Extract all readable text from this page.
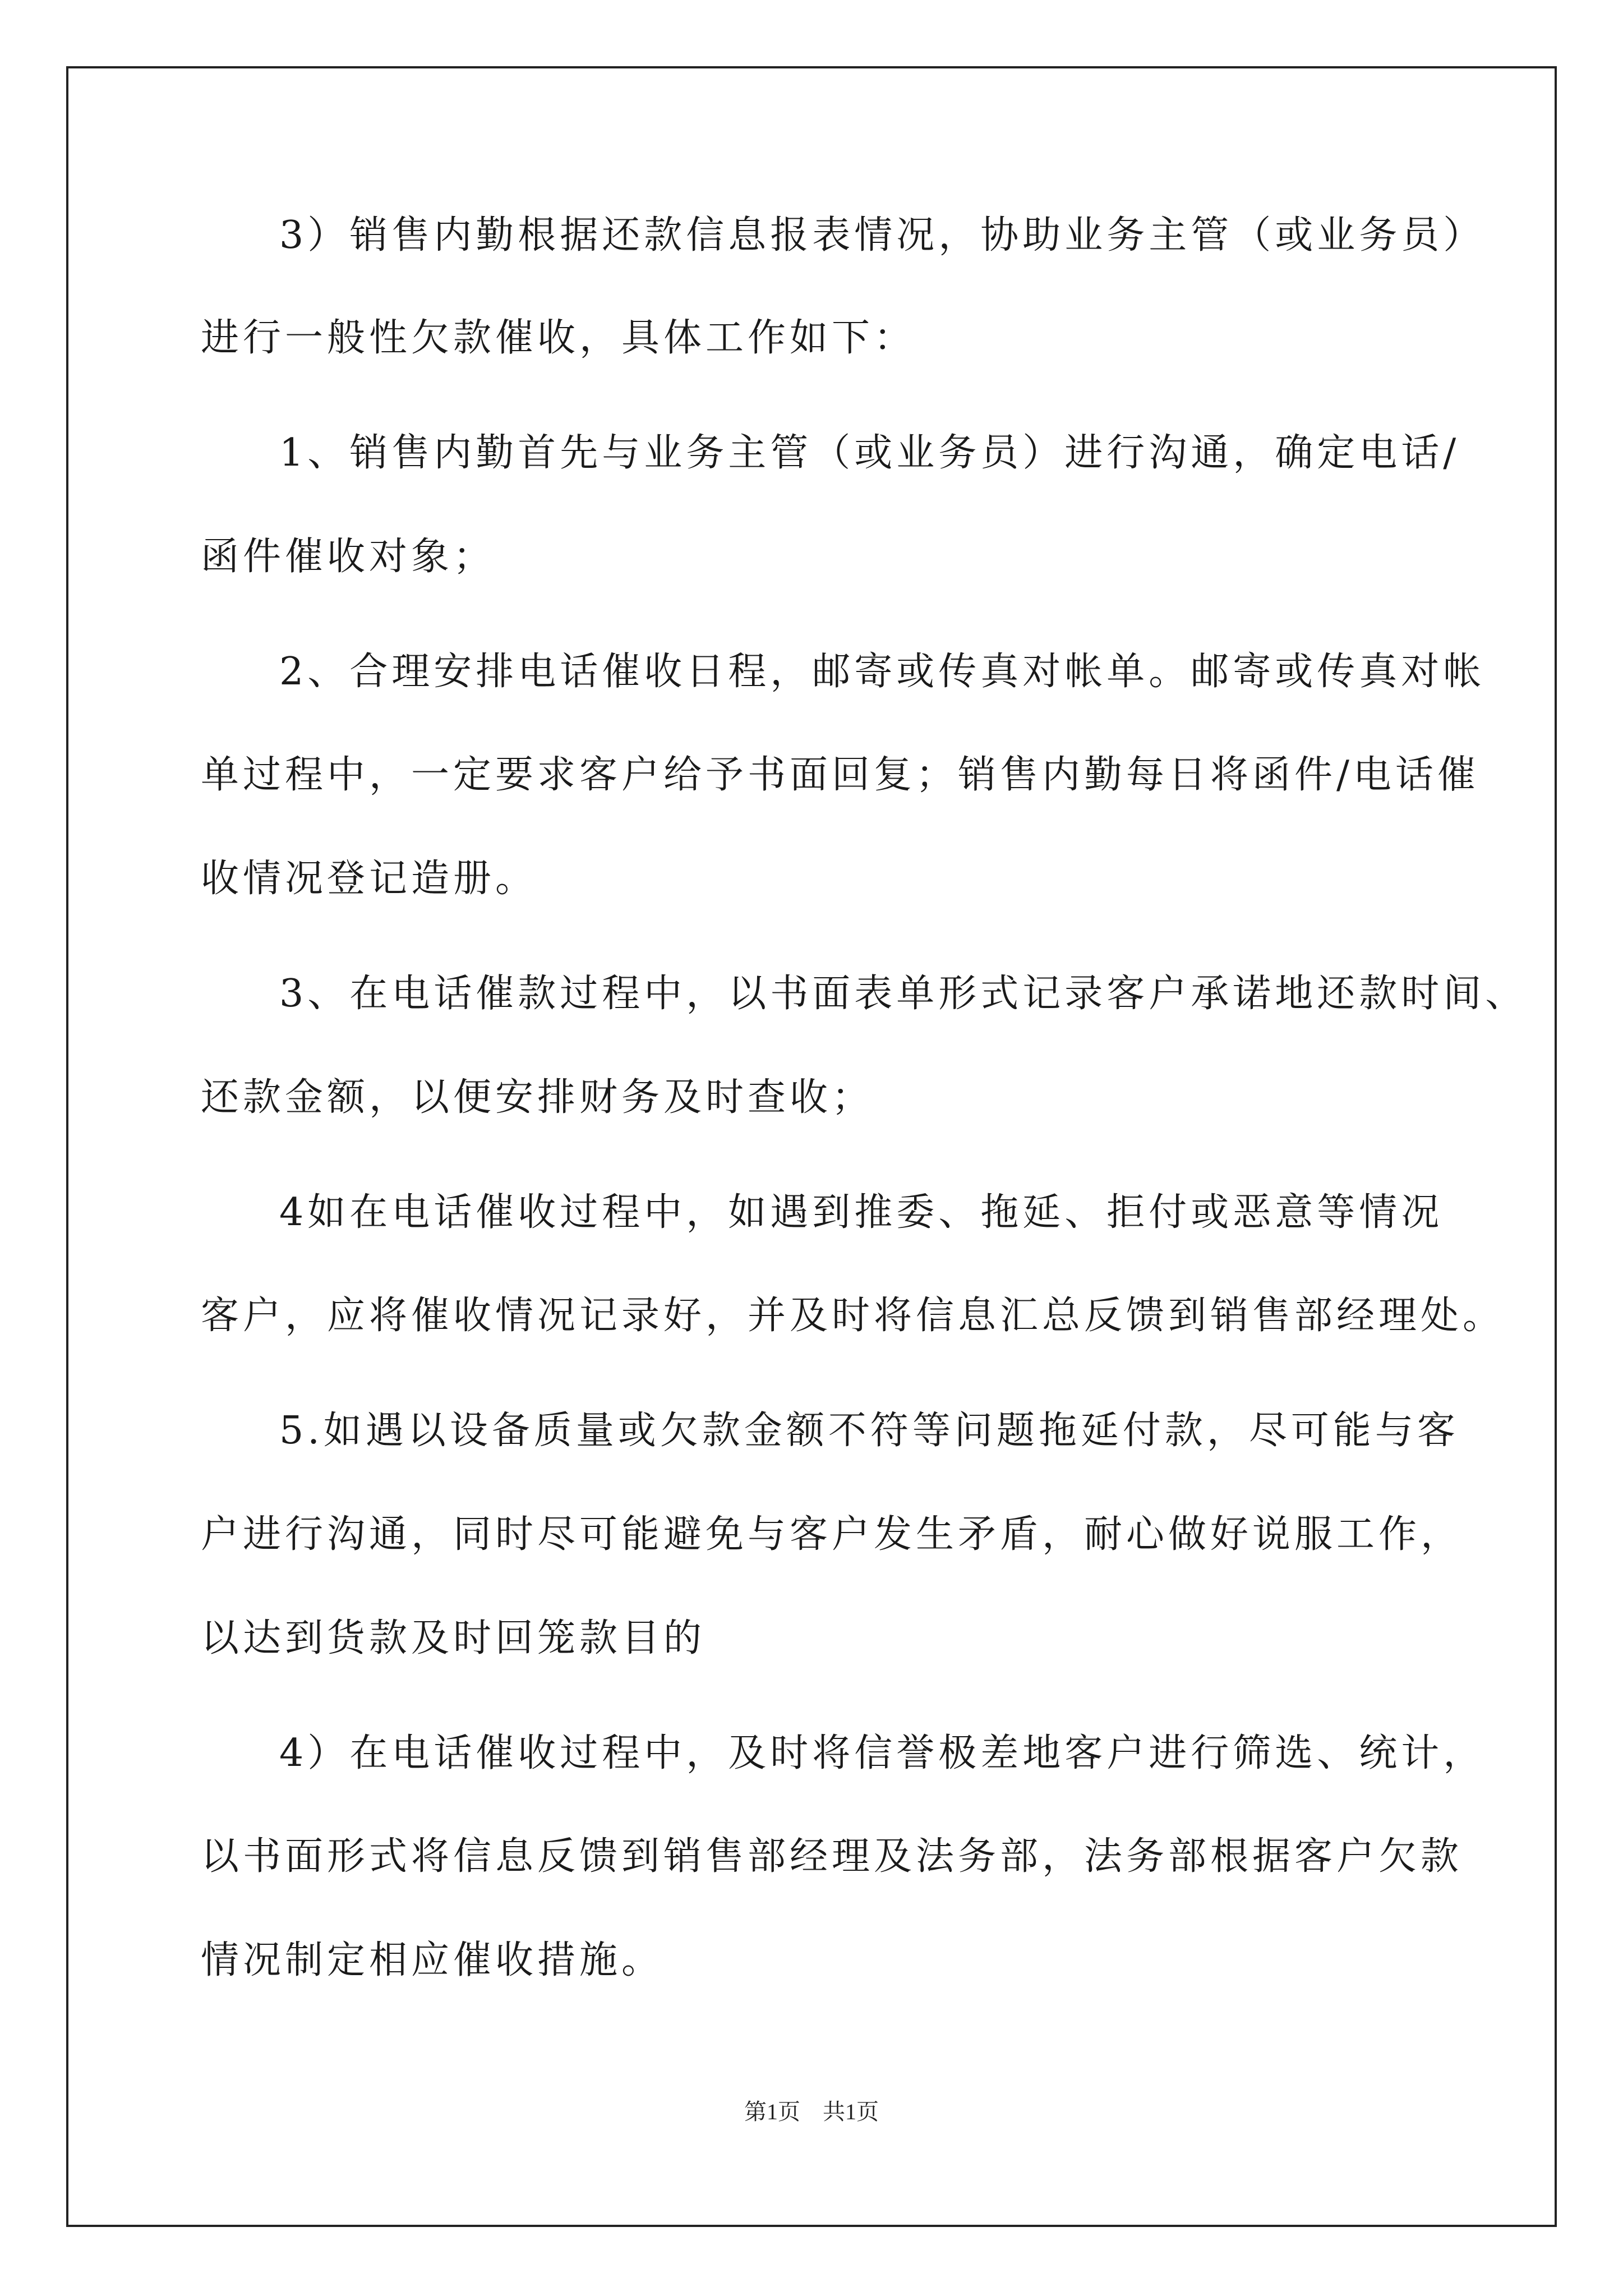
3）销售内勤根据还款信息报表情况，协助业务主管（或业务员）
进行一般性欠款催收，具体工作如下：
1、销售内勤首先与业务主管（或业务员）进行沟通，确定电话/
函件催收对象；
2、合理安排电话催收日程，邮寄或传真对帐单。邮寄或传真对帐
单过程中，一定要求客户给予书面回复；销售内勤每日将函件/电话催
收情况登记造册。
3、在电话催款过程中，以书面表单形式记录客户承诺地还款时间、
还款金额，以便安排财务及时查收；
4如在电话催收过程中，如遇到推委、拖延、拒付或恶意等情况
客户，应将催收情况记录好，并及时将信息汇总反馈到销售部经理处。
5.如遇以设备质量或欠款金额不符等问题拖延付款，尽可能与客
户进行沟通，同时尽可能避免与客户发生矛盾，耐心做好说服工作，
以达到货款及时回笼款目的
4）在电话催收过程中，及时将信誉极差地客户进行筛选、统计，
以书面形式将信息反馈到销售部经理及法务部，法务部根据客户欠款
情况制定相应催收措施。
第1页　共1页
